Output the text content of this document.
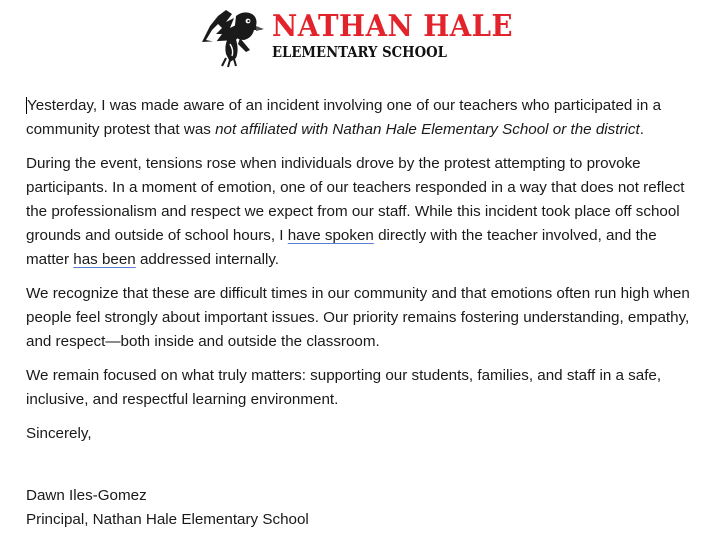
NATHAN HALE
ELEMENTARY SCHOOL

Yesterday, I was made aware of an incident involving one of our teachers who participated in a community protest that was not affiliated with Nathan Hale Elementary School or the district.

During the event, tensions rose when individuals drove by the protest attempting to provoke participants. In a moment of emotion, one of our teachers responded in a way that does not reflect the professionalism and respect we expect from our staff. While this incident took place off school grounds and outside of school hours, I have spoken directly with the teacher involved, and the matter has been addressed internally.

We recognize that these are difficult times in our community and that emotions often run high when people feel strongly about important issues. Our priority remains fostering understanding, empathy, and respect—both inside and outside the classroom.

We remain focused on what truly matters: supporting our students, families, and staff in a safe, inclusive, and respectful learning environment.

Sincerely,

Dawn Iles-Gomez
Principal, Nathan Hale Elementary School
